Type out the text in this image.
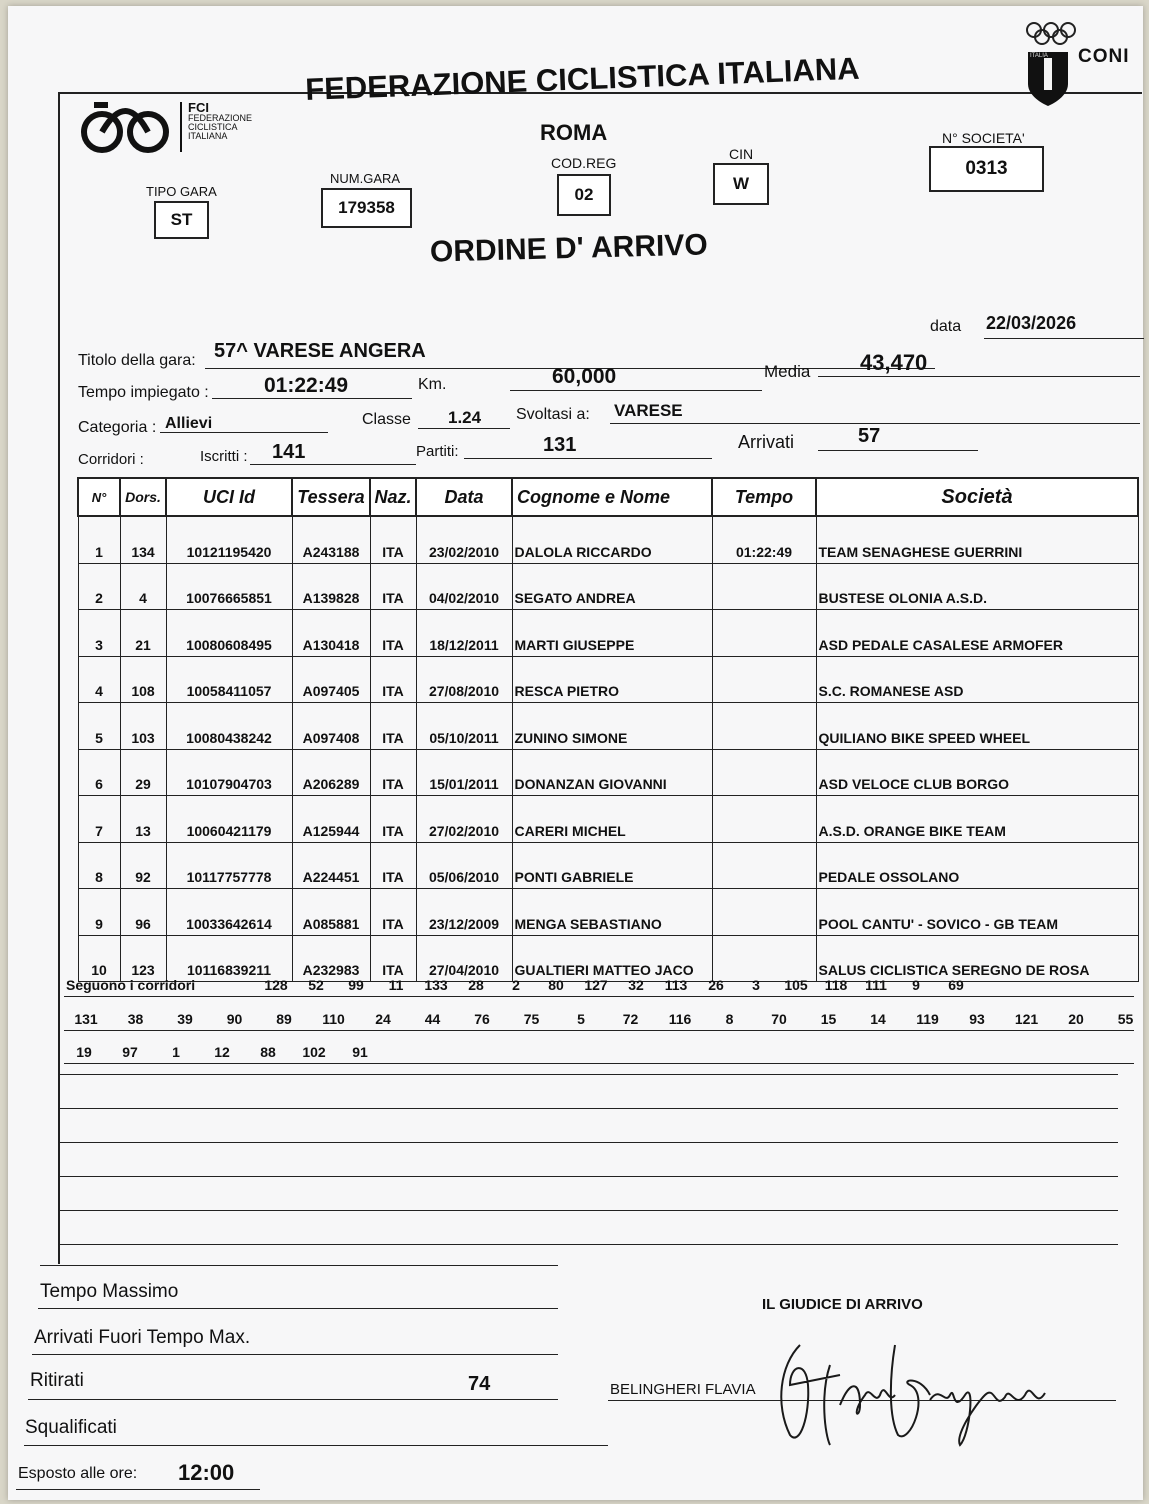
FCI
FEDERAZIONE
CICLISTICA
ITALIANA
FEDERAZIONE CICLISTICA ITALIANA
ROMA
ITALIA CONI
TIPO GARA
ST
NUM.GARA
179358
COD.REG
02
CIN
W
N° SOCIETA'
0313
ORDINE D' ARRIVO
data 22/03/2026
Titolo della gara: 57^ VARESE ANGERA
Tempo impiegato :	01:22:49	Km.	60,000	Media 43,470
Categoria : Allievi	Classe 1.24 Svoltasi a: VARESE
Corridori :	Iscritti : 141	Partiti:	131	Arrivati	57
N°	Dors.	UCI Id	Tessera	Naz.	Data	Cognome e Nome	Tempo	Società
1	134	10121195420	A243188	ITA	23/02/2010	DALOLA RICCARDO	01:22:49	TEAM SENAGHESE GUERRINI
2	4	10076665851	A139828	ITA	04/02/2010	SEGATO ANDREA		BUSTESE OLONIA A.S.D.
3	21	10080608495	A130418	ITA	18/12/2011	MARTI GIUSEPPE		ASD PEDALE CASALESE ARMOFER
4	108	10058411057	A097405	ITA	27/08/2010	RESCA PIETRO		S.C. ROMANESE ASD
5	103	10080438242	A097408	ITA	05/10/2011	ZUNINO SIMONE		QUILIANO BIKE SPEED WHEEL
6	29	10107904703	A206289	ITA	15/01/2011	DONANZAN GIOVANNI		ASD VELOCE CLUB BORGO
7	13	10060421179	A125944	ITA	27/02/2010	CARERI MICHEL		A.S.D. ORANGE BIKE TEAM
8	92	10117757778	A224451	ITA	05/06/2010	PONTI GABRIELE		PEDALE OSSOLANO
9	96	10033642614	A085881	ITA	23/12/2009	MENGA SEBASTIANO		POOL CANTU' - SOVICO - GB TEAM
10	123	10116839211	A232983	ITA	27/04/2010	GUALTIERI MATTEO JACO		SALUS CICLISTICA SEREGNO DE ROSA
Seguono i corridori	128	52	99	11	133	28	2	80	127	32	113	26	3	105	118	111	9	69
131	38	39	90	89	110	24	44	76	75	5	72	116	8	70	15	14	119	93	121	20	55
19	97	1	12	88	102	91
Tempo Massimo
Arrivati Fuori Tempo Max.
Ritirati	74
Squalificati
Esposto alle ore: 12:00
IL GIUDICE DI ARRIVO
BELINGHERI FLAVIA
